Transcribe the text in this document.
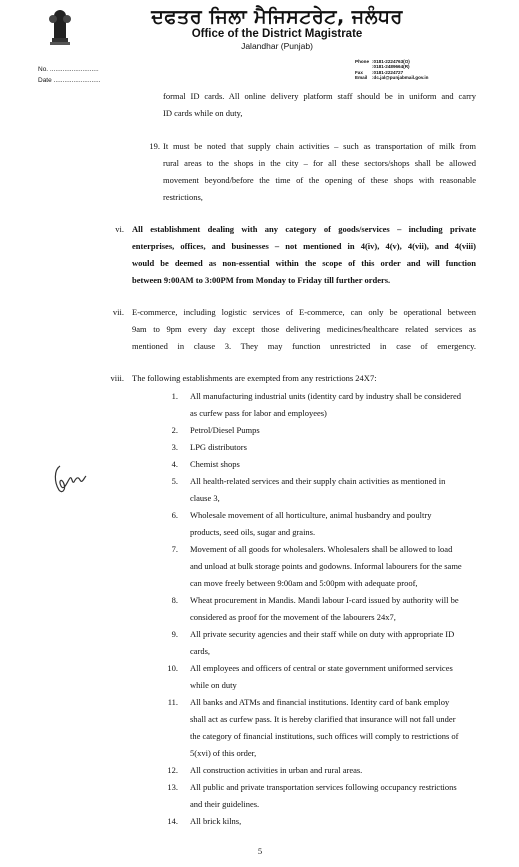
ਦਫਤਰ ਜਿਲਾ ਮੈਜਿਸਟਰੇਟ, ਜਲੰਧਰ
Office of the District Magistrate
Jalandhar (Punjab)
No. ...........................
Date ..........................
Phone :0181-2224763(O)
:0181-2489664(R)
Fax :0181-2224727
Email :dc.jal@punjabmail.gov.in
formal ID cards. All online delivery platform staff should be in uniform and carry
ID cards while on duty,
19. It must be noted that supply chain activities – such as transportation of milk from
rural areas to the shops in the city – for all these sectors/shops shall be allowed
movement beyond/before the time of the opening of these shops with reasonable
restrictions,
vi. All establishment dealing with any category of goods/services – including private
enterprises, offices, and businesses – not mentioned in 4(iv), 4(v), 4(vii), and 4(viii)
would be deemed as non-essential within the scope of this order and will function
between 9:00AM to 3:00PM from Monday to Friday till further orders.
vii. E-commerce, including logistic services of E-commerce, can only be operational between
9am to 9pm every day except those delivering medicines/healthcare related services as
mentioned in clause 3. They may function unrestricted in case of emergency.
viii. The following establishments are exempted from any restrictions 24X7:
1. All manufacturing industrial units (identity card by industry shall be considered
as curfew pass for labor and employees)
2. Petrol/Diesel Pumps
3. LPG distributors
4. Chemist shops
5. All health-related services and their supply chain activities as mentioned in
clause 3,
6. Wholesale movement of all horticulture, animal husbandry and poultry
products, seed oils, sugar and grains.
7. Movement of all goods for wholesalers. Wholesalers shall be allowed to load
and unload at bulk storage points and godowns. Informal labourers for the same
can move freely between 9:00am and 5:00pm with adequate proof,
8. Wheat procurement in Mandis. Mandi labour I-card issued by authority will be
considered as proof for the movement of the labourers 24x7,
9. All private security agencies and their staff while on duty with appropriate ID
cards,
10. All employees and officers of central or state government uniformed services
while on duty
11. All banks and ATMs and financial institutions. Identity card of bank employ
shall act as curfew pass. It is hereby clarified that insurance will not fall under
the category of financial institutions, such offices will comply to restrictions of
5(xvi) of this order,
12. All construction activities in urban and rural areas.
13. All public and private transportation services following occupancy restrictions
and their guidelines.
14. All brick kilns,
5
